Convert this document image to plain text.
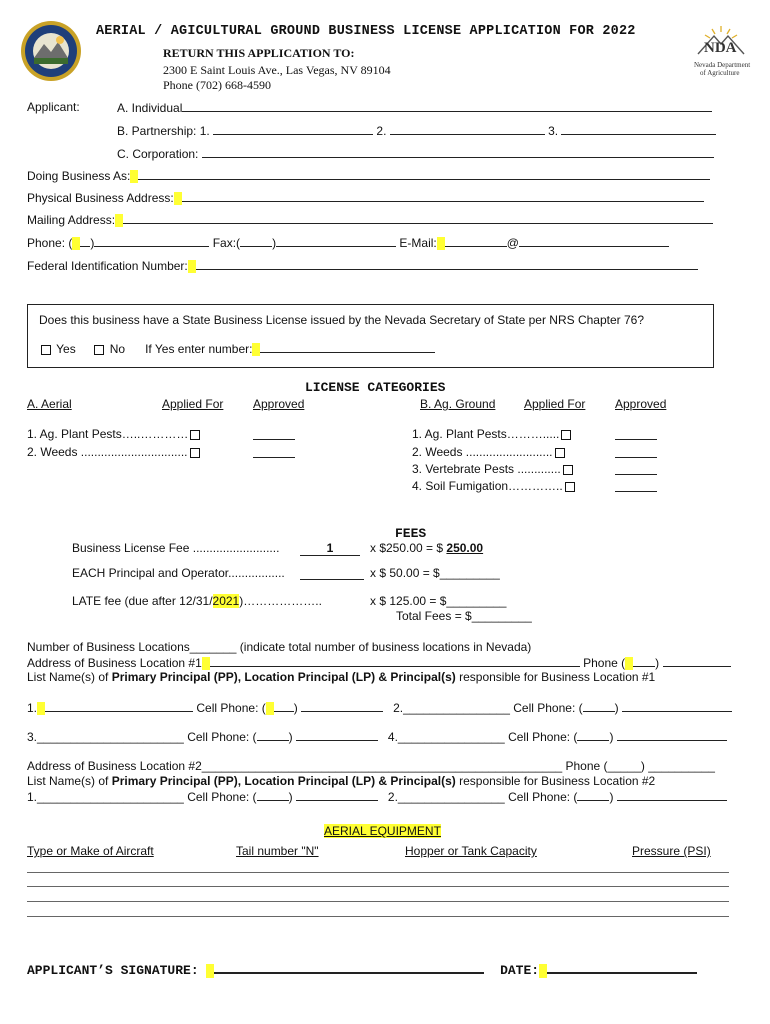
AERIAL / AGICULTURAL GROUND BUSINESS LICENSE APPLICATION FOR 2022
RETURN THIS APPLICATION TO:
2300 E Saint Louis Ave., Las Vegas, NV 89104
Phone (702) 668-4590
NDA
Nevada Department
of Agriculture
Applicant:	A. Individual
B. Partnership: 1.	2.	3.
C. Corporation:
Doing Business As:
Physical Business Address:
Mailing Address:
Phone: ( )	Fax:(	)	E-Mail:	@
Federal Identification Number:
Does this business have a State Business License issued by the Nevada Secretary of State per NRS Chapter 76?
Yes	No If Yes enter number:
LICENSE CATEGORIES
A. Aerial	Applied For Approved	B. Ag. Ground Applied For Approved
1. Ag. Plant Pests…..…………
2. Weeds ................................
1. Ag. Plant Pests……….....
2. Weeds ..........................
3. Vertebrate Pests .............
4. Soil Fumigation…………..
FEES
Business License Fee ..........................	1	x $250.00 = $ 250.00
EACH Principal and Operator.................	x $ 50.00 = $_________
LATE fee (due after 12/31/2021)………………..	x $ 125.00 = $_________
Total Fees = $_________
Number of Business Locations_______ (indicate total number of business locations in Nevada)
Address of Business Location #1	Phone (	)
List Name(s) of Primary Principal (PP), Location Principal (LP) & Principal(s) responsible for Business Location #1
1.	Cell Phone: ( )	2.________________ Cell Phone: (	)
3.______________________ Cell Phone: (	)	4.________________ Cell Phone: (	)
Address of Business Location #2______________________________________________________ Phone (_____) __________
List Name(s) of Primary Principal (PP), Location Principal (LP) & Principal(s) responsible for Business Location #2
1.______________________ Cell Phone: (	)	2.________________ Cell Phone: (	)
AERIAL EQUIPMENT
Type or Make of Aircraft	Tail number "N"	Hopper or Tank Capacity	Pressure (PSI)
APPLICANT’S SIGNATURE:	DATE:
